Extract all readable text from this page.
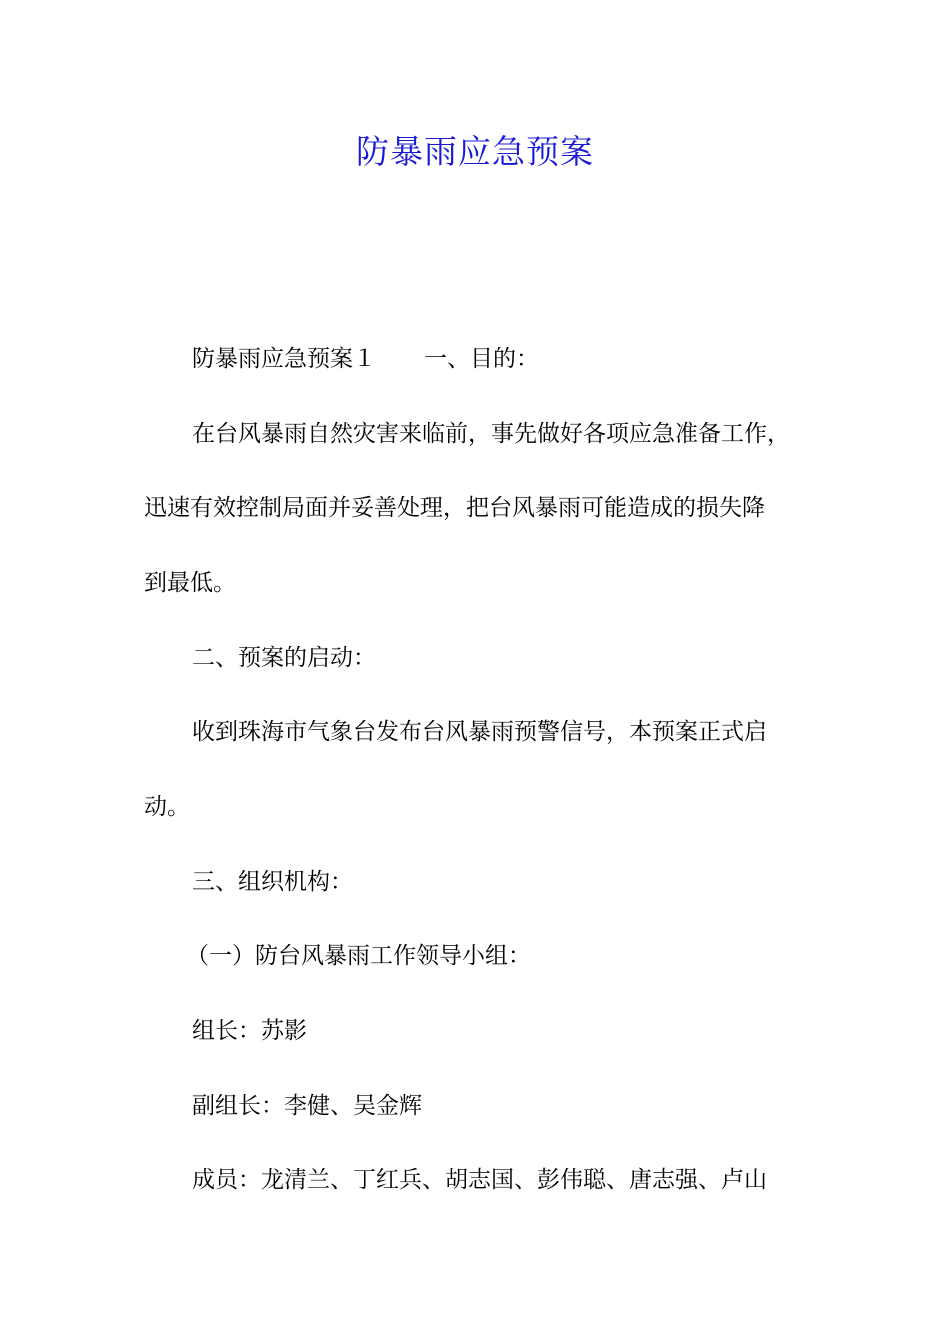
防暴雨应急预案

防暴雨应急预案１ 一、目的：

在台风暴雨自然灾害来临前，事先做好各项应急准备工作，

迅速有效控制局面并妥善处理，把台风暴雨可能造成的损失降

到最低。

二、预案的启动：

收到珠海市气象台发布台风暴雨预警信号，本预案正式启

动。

三、组织机构：

（一）防台风暴雨工作领导小组：

组长：苏影

副组长：李健、吴金辉

成员：龙清兰、丁红兵、胡志国、彭伟聪、唐志强、卢山
